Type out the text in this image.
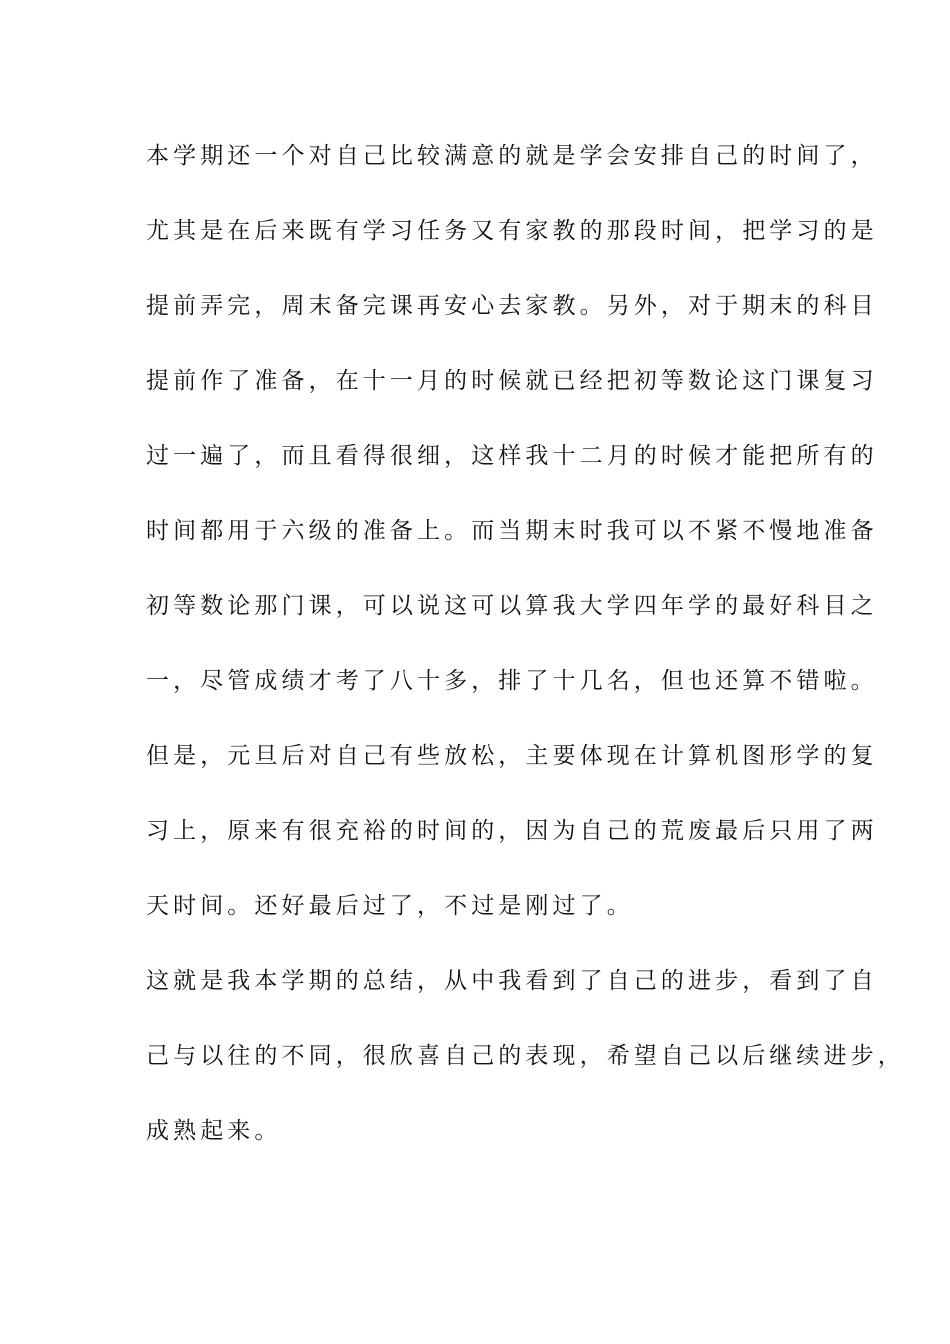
本学期还一个对自己比较满意的就是学会安排自己的时间了，
尤其是在后来既有学习任务又有家教的那段时间，把学习的是
提前弄完，周末备完课再安心去家教。另外，对于期末的科目
提前作了准备，在十一月的时候就已经把初等数论这门课复习
过一遍了，而且看得很细，这样我十二月的时候才能把所有的
时间都用于六级的准备上。而当期末时我可以不紧不慢地准备
初等数论那门课，可以说这可以算我大学四年学的最好科目之
一，尽管成绩才考了八十多，排了十几名，但也还算不错啦。
但是，元旦后对自己有些放松，主要体现在计算机图形学的复
习上，原来有很充裕的时间的，因为自己的荒废最后只用了两
天时间。还好最后过了，不过是刚过了。
这就是我本学期的总结，从中我看到了自己的进步，看到了自
己与以往的不同，很欣喜自己的表现，希望自己以后继续进步，
成熟起来。
